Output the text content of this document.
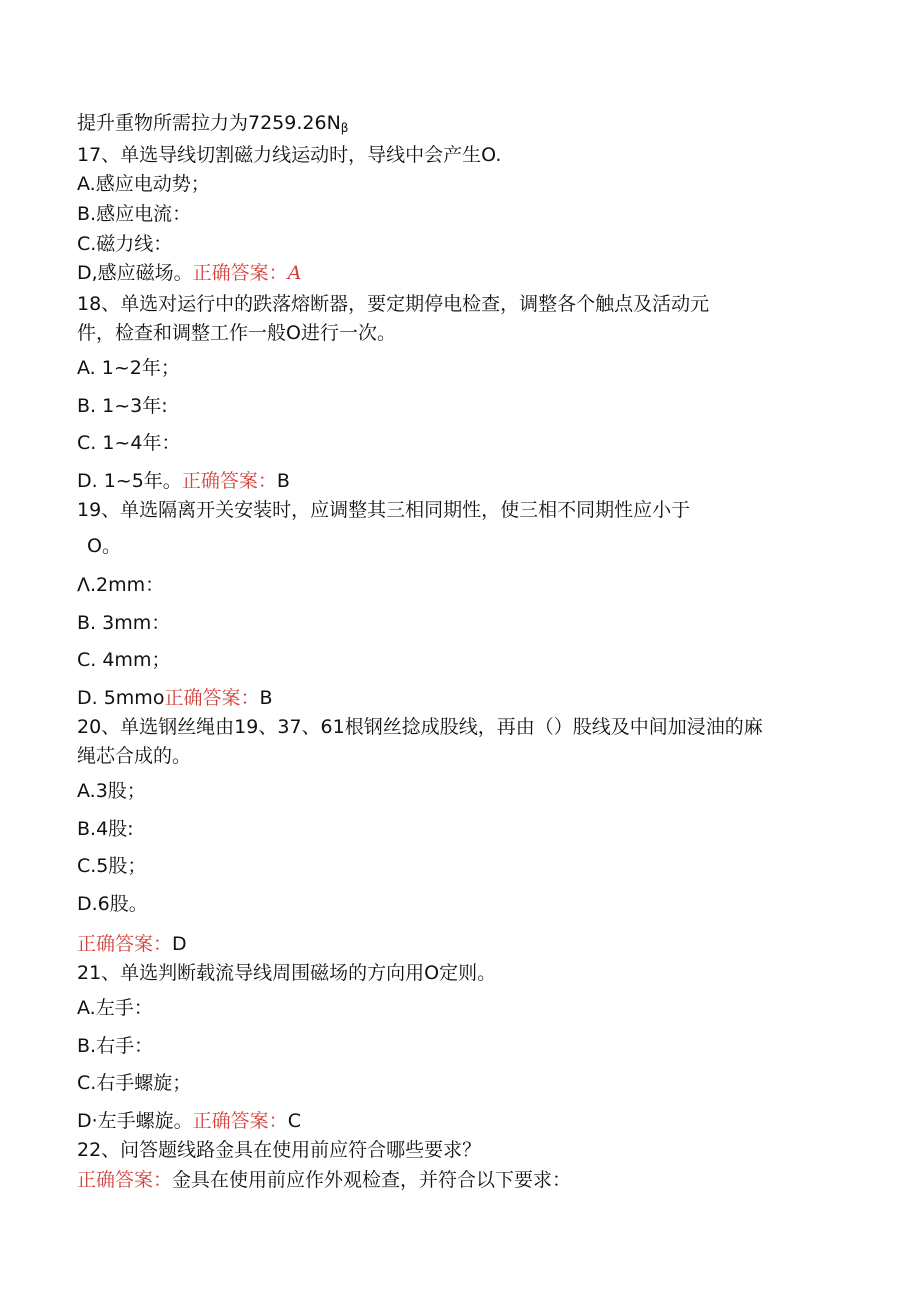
提升重物所需拉力为$7259.26N_\beta$
17、单选导线切割磁力线运动时，导线中会产生O.
A.感应电动势；
B.感应电流：
C.磁力线：
D,感应磁场。正确答案：A
18、单选对运行中的跌落熔断器，要定期停电检查，调整各个触点及活动元
件，检查和调整工作一般O进行一次。
A. 1~2年；
B. 1~3年:
C. 1~4年：
D. 1~5年。正确答案：B
19、单选隔离开关安装时，应调整其三相同期性，使三相不同期性应小于
O。
Λ.2mm：
B. 3mm：
C. 4mm；
D. 5mmo正确答案：B
20、单选钢丝绳由19、37、61根钢丝捻成股线，再由（）股线及中间加浸油的麻
绳芯合成的。
A.3股；
B.4股:
C.5股；
D.6股。
正确答案：D
21、单选判断载流导线周围磁场的方向用O定则。
A.左手：
B.右手：
C.右手螺旋；
D·左手螺旋。正确答案：C
22、问答题线路金具在使用前应符合哪些要求？
正确答案：金具在使用前应作外观检查，并符合以下要求：
